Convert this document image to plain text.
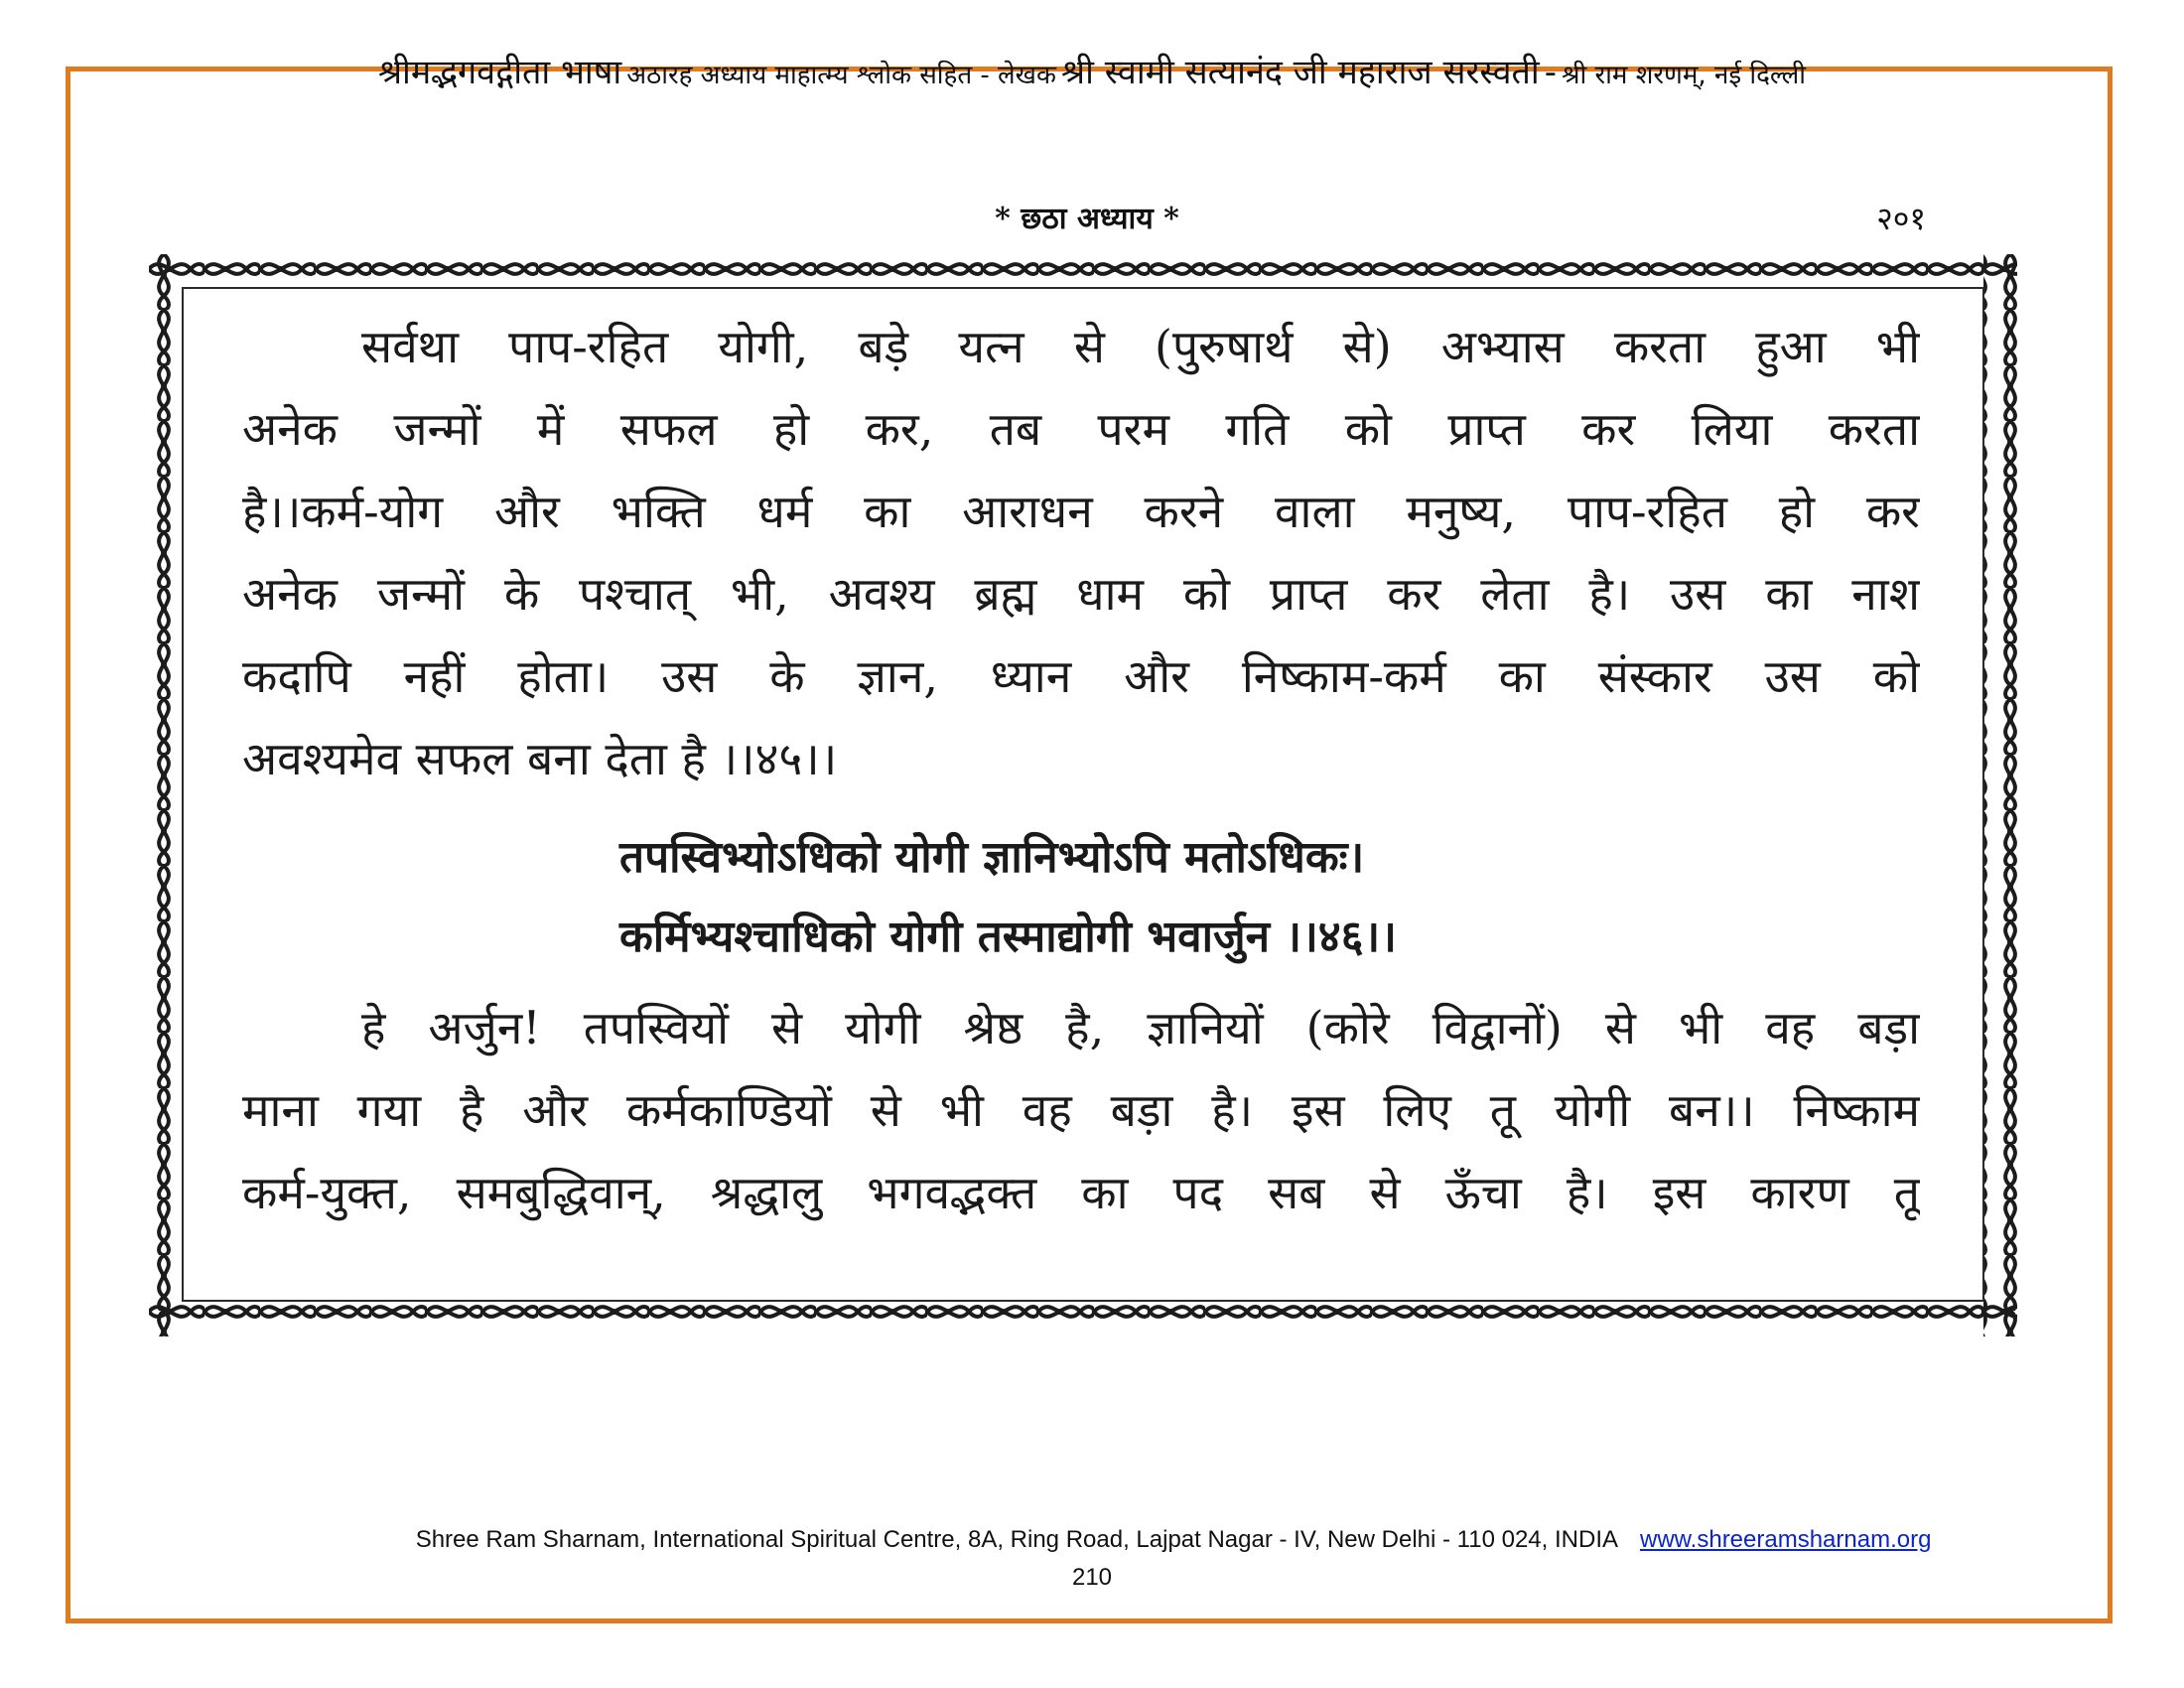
श्रीमद्भगवद्गीता भाषा अठारह अध्याय माहात्म्य श्लोक सहित - लेखक श्री स्वामी सत्यानंद जी महाराज सरस्वती - श्री राम शरणम्, नई दिल्ली
* छठा अध्याय *	२०१

सर्वथा पाप-रहित योगी, बड़े यत्न से (पुरुषार्थ से) अभ्यास करता हुआ भी

अनेक जन्मों में सफल हो कर, तब परम गति को प्राप्त कर लिया करता

है।।कर्म-योग और भक्ति धर्म का आराधन करने वाला मनुष्य, पाप-रहित हो कर

अनेक जन्मों के पश्चात् भी, अवश्य ब्रह्म धाम को प्राप्त कर लेता है। उस का नाश

कदापि नहीं होता। उस के ज्ञान, ध्यान और निष्काम-कर्म का संस्कार उस को

अवश्यमेव सफल बना देता है ।।४५।।

तपस्विभ्योऽधिको योगी ज्ञानिभ्योऽपि मतोऽधिकः।

कर्मिभ्यश्चाधिको योगी तस्माद्योगी भवार्जुन ।।४६।।

हे अर्जुन! तपस्वियों से योगी श्रेष्ठ है, ज्ञानियों (कोरे विद्वानों) से भी वह बड़ा

माना गया है और कर्मकाण्डियों से भी वह बड़ा है। इस लिए तू योगी बन।। निष्काम

कर्म-युक्त, समबुद्धिवान्, श्रद्धालु भगवद्भक्त का पद सब से ऊँचा है। इस कारण तू

Shree Ram Sharnam, International Spiritual Centre, 8A, Ring Road, Lajpat Nagar - IV, New Delhi - 110 024, INDIA www.shreeramsharnam.org
210
